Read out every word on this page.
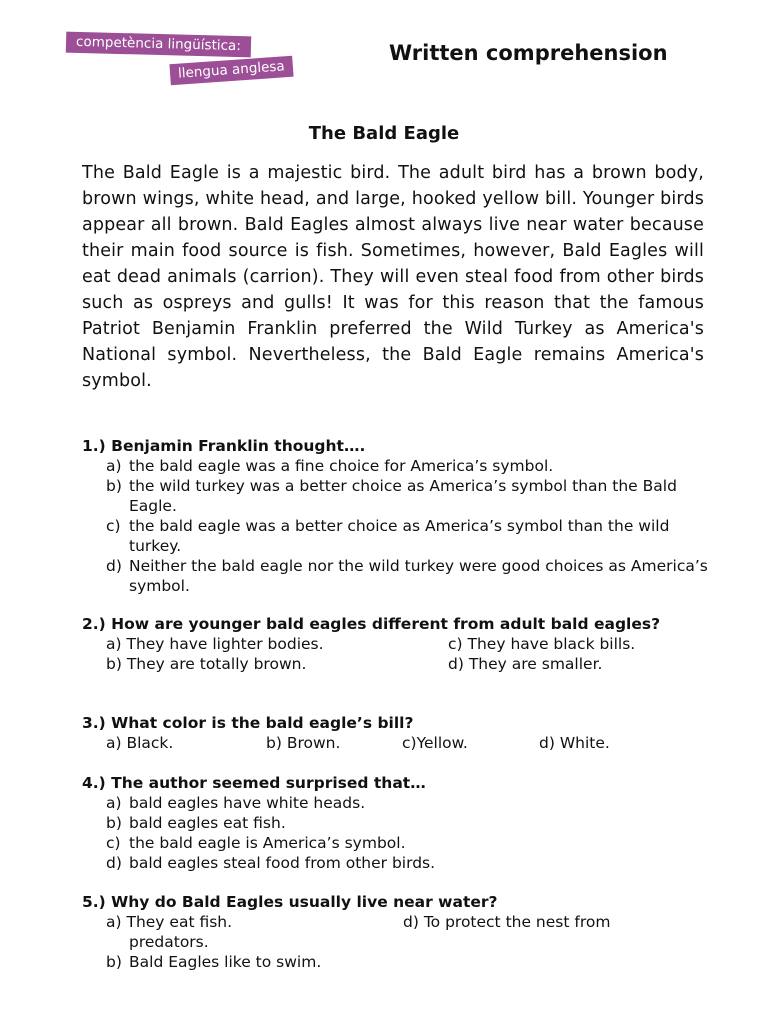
competència lingüística:
llengua anglesa
Written comprehension
The Bald Eagle

The Bald Eagle is a majestic bird. The adult bird has a brown body, brown wings, white head, and large, hooked yellow bill. Younger birds appear all brown. Bald Eagles almost always live near water because their main food source is fish. Sometimes, however, Bald Eagles will eat dead animals (carrion). They will even steal food from other birds such as ospreys and gulls! It was for this reason that the famous Patriot Benjamin Franklin preferred the Wild Turkey as America's National symbol. Nevertheless, the Bald Eagle remains America's symbol.

1.) Benjamin Franklin thought….

a) the bald eagle was a fine choice for America’s symbol.

b) the wild turkey was a better choice as America’s symbol than the Bald Eagle.

c) the bald eagle was a better choice as America’s symbol than the wild turkey.

d) Neither the bald eagle nor the wild turkey were good choices as America’s symbol.

2.) How are younger bald eagles different from adult bald eagles?

a) They have lighter bodies.	c) They have black bills.
b) They are totally brown.	d) They are smaller.

3.) What color is the bald eagle’s bill?

a) Black.	b) Brown.	c)Yellow.	d) White.

4.) The author seemed surprised that…

a) bald eagles have white heads.

b) bald eagles eat fish.

c) the bald eagle is America’s symbol.

d) bald eagles steal food from other birds.

5.) Why do Bald Eagles usually live near water?

a) They eat fish.	d) To protect the nest from
predators.

b) Bald Eagles like to swim.
